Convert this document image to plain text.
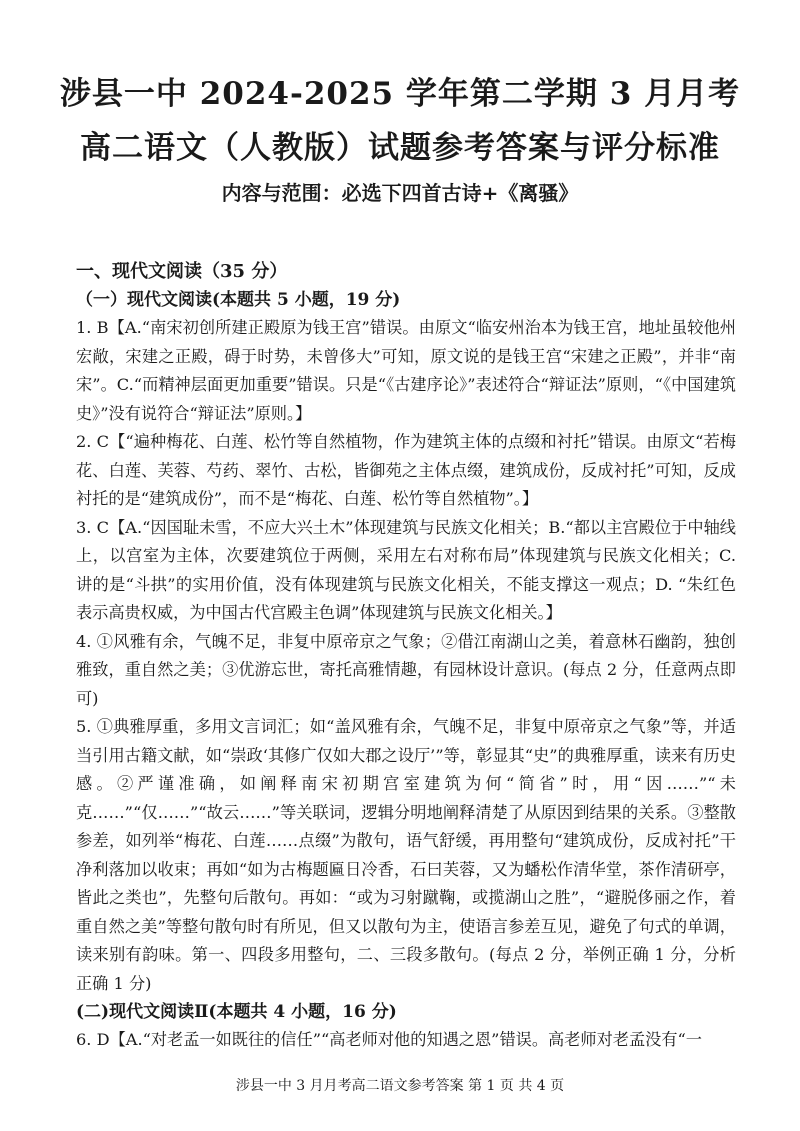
涉县一中 2024-2025 学年第二学期 3 月月考
高二语文（人教版）试题参考答案与评分标准
内容与范围：必选下四首古诗+《离骚》

一、现代文阅读（35 分）

（一）现代文阅读(本题共 5 小题，19 分)

1. B【A.“南宋初创所建正殿原为钱王宫”错误。由原文“临安州治本为钱王宫，地址虽较他州宏敞，宋建之正殿，碍于时势，未曾侈大”可知，原文说的是钱王宫“宋建之正殿”，并非“南宋”。C.“而精神层面更加重要”错误。只是“《古建序论》”表述符合“辩证法”原则，“《中国建筑史》”没有说符合“辩证法”原则。】

2. C【“遍种梅花、白莲、松竹等自然植物，作为建筑主体的点缀和衬托”错误。由原文“若梅花、白莲、芙蓉、芍药、翠竹、古松，皆御苑之主体点缀，建筑成份，反成衬托”可知，反成衬托的是“建筑成份”，而不是“梅花、白莲、松竹等自然植物”。】

3. C【A.“因国耻未雪，不应大兴土木”体现建筑与民族文化相关；B.“都以主宫殿位于中轴线上，以宫室为主体，次要建筑位于两侧，采用左右对称布局”体现建筑与民族文化相关；C. 讲的是“斗拱”的实用价值，没有体现建筑与民族文化相关，不能支撑这一观点；D. “朱红色表示高贵权威，为中国古代宫殿主色调”体现建筑与民族文化相关。】

4. ①风雅有余，气魄不足，非复中原帝京之气象；②借江南湖山之美，着意林石幽韵，独创雅致，重自然之美；③优游忘世，寄托高雅情趣，有园林设计意识。(每点 2 分，任意两点即可)

5. ①典雅厚重，多用文言词汇；如“盖风雅有余，气魄不足，非复中原帝京之气象”等，并适当引用古籍文献，如“崇政‘其修广仅如大郡之设厅’”等，彰显其“史”的典雅厚重，读来有历史感。②严谨准确，如阐释南宋初期宫室建筑为何“简省”时，用“因……”“未克……”“仅……”“故云……”等关联词，逻辑分明地阐释清楚了从原因到结果的关系。③整散参差，如列举“梅花、白莲……点缀”为散句，语气舒缓，再用整句“建筑成份，反成衬托”干净利落加以收束；再如“如为古梅题匾日冷香，石曰芙蓉，又为蟠松作清华堂，茶作清研亭，皆此之类也”，先整句后散句。再如：“或为习射蹴鞠，或揽湖山之胜”，“避脱侈丽之作，着重自然之美”等整句散句时有所见，但又以散句为主，使语言参差互见，避免了句式的单调，读来别有韵味。第一、四段多用整句，二、三段多散句。(每点 2 分，举例正确 1 分，分析正确 1 分)

(二)现代文阅读Ⅱ(本题共 4 小题，16 分)

6. D【A.“对老孟一如既往的信任”“高老师对他的知遇之恩”错误。高老师对老孟没有“一

涉县一中 3 月月考高二语文参考答案 第 1 页 共 4 页
